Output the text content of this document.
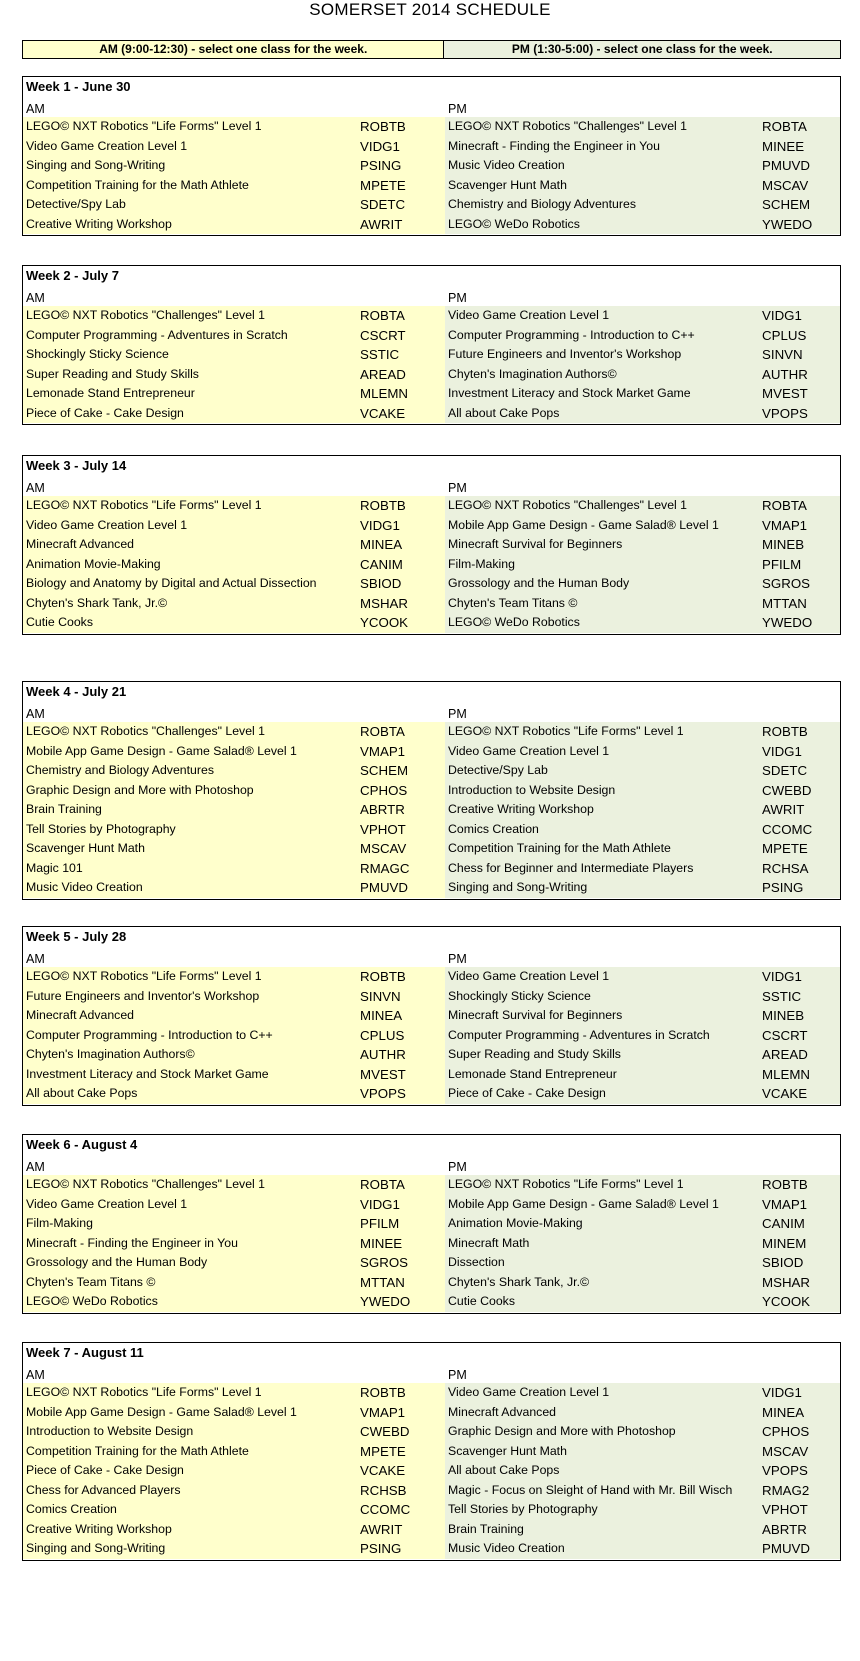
SOMERSET 2014 SCHEDULE
AM (9:00-12:30) - select one class for the week.	PM (1:30-5:00) - select one class for the week.
Week 1 - June 30
AM	PM
LEGO© NXT Robotics "Life Forms" Level 1	ROBTB	LEGO© NXT Robotics "Challenges" Level 1	ROBTA
Video Game Creation Level 1	VIDG1	Minecraft - Finding the Engineer in You	MINEE
Singing and Song-Writing	PSING	Music Video Creation	PMUVD
Competition Training for the Math Athlete	MPETE	Scavenger Hunt Math	MSCAV
Detective/Spy Lab	SDETC	Chemistry and Biology Adventures	SCHEM
Creative Writing Workshop	AWRIT	LEGO© WeDo Robotics	YWEDO
Week 2 - July 7
AM	PM
LEGO© NXT Robotics "Challenges" Level 1	ROBTA	Video Game Creation Level 1	VIDG1
Computer Programming - Adventures in Scratch	CSCRT	Computer Programming - Introduction to C++	CPLUS
Shockingly Sticky Science	SSTIC	Future Engineers and Inventor's Workshop	SINVN
Super Reading and Study Skills	AREAD	Chyten's Imagination Authors©	AUTHR
Lemonade Stand Entrepreneur	MLEMN	Investment Literacy and Stock Market Game	MVEST
Piece of Cake - Cake Design	VCAKE	All about Cake Pops	VPOPS
Week 3 - July 14
AM	PM
LEGO© NXT Robotics "Life Forms" Level 1	ROBTB	LEGO© NXT Robotics "Challenges" Level 1	ROBTA
Video Game Creation Level 1	VIDG1	Mobile App Game Design - Game Salad® Level 1	VMAP1
Minecraft Advanced	MINEA	Minecraft Survival for Beginners	MINEB
Animation Movie-Making	CANIM	Film-Making	PFILM
Biology and Anatomy by Digital and Actual Dissection	SBIOD	Grossology and the Human Body	SGROS
Chyten's Shark Tank, Jr.©	MSHAR	Chyten's Team Titans ©	MTTAN
Cutie Cooks	YCOOK	LEGO© WeDo Robotics	YWEDO
Week 4 - July 21
AM	PM
LEGO© NXT Robotics "Challenges" Level 1	ROBTA	LEGO© NXT Robotics "Life Forms" Level 1	ROBTB
Mobile App Game Design - Game Salad® Level 1	VMAP1	Video Game Creation Level 1	VIDG1
Chemistry and Biology Adventures	SCHEM	Detective/Spy Lab	SDETC
Graphic Design and More with Photoshop	CPHOS	Introduction to Website Design	CWEBD
Brain Training	ABRTR	Creative Writing Workshop	AWRIT
Tell Stories by Photography	VPHOT	Comics Creation	CCOMC
Scavenger Hunt Math	MSCAV	Competition Training for the Math Athlete	MPETE
Magic 101	RMAGC	Chess for Beginner and Intermediate Players	RCHSA
Music Video Creation	PMUVD	Singing and Song-Writing	PSING
Week 5 - July 28
AM	PM
LEGO© NXT Robotics "Life Forms" Level 1	ROBTB	Video Game Creation Level 1	VIDG1
Future Engineers and Inventor's Workshop	SINVN	Shockingly Sticky Science	SSTIC
Minecraft Advanced	MINEA	Minecraft Survival for Beginners	MINEB
Computer Programming - Introduction to C++	CPLUS	Computer Programming - Adventures in Scratch	CSCRT
Chyten's Imagination Authors©	AUTHR	Super Reading and Study Skills	AREAD
Investment Literacy and Stock Market Game	MVEST	Lemonade Stand Entrepreneur	MLEMN
All about Cake Pops	VPOPS	Piece of Cake - Cake Design	VCAKE
Week 6 - August 4
AM	PM
LEGO© NXT Robotics "Challenges" Level 1	ROBTA	LEGO© NXT Robotics "Life Forms" Level 1	ROBTB
Video Game Creation Level 1	VIDG1	Mobile App Game Design - Game Salad® Level 1	VMAP1
Film-Making	PFILM	Animation Movie-Making	CANIM
Minecraft - Finding the Engineer in You	MINEE	Minecraft Math	MINEM
Grossology and the Human Body	SGROS	Dissection	SBIOD
Chyten's Team Titans ©	MTTAN	Chyten's Shark Tank, Jr.©	MSHAR
LEGO© WeDo Robotics	YWEDO	Cutie Cooks	YCOOK
Week 7 - August 11
AM	PM
LEGO© NXT Robotics "Life Forms" Level 1	ROBTB	Video Game Creation Level 1	VIDG1
Mobile App Game Design - Game Salad® Level 1	VMAP1	Minecraft Advanced	MINEA
Introduction to Website Design	CWEBD	Graphic Design and More with Photoshop	CPHOS
Competition Training for the Math Athlete	MPETE	Scavenger Hunt Math	MSCAV
Piece of Cake - Cake Design	VCAKE	All about Cake Pops	VPOPS
Chess for Advanced Players	RCHSB	Magic - Focus on Sleight of Hand with Mr. Bill Wisch	RMAG2
Comics Creation	CCOMC	Tell Stories by Photography	VPHOT
Creative Writing Workshop	AWRIT	Brain Training	ABRTR
Singing and Song-Writing	PSING	Music Video Creation	PMUVD
